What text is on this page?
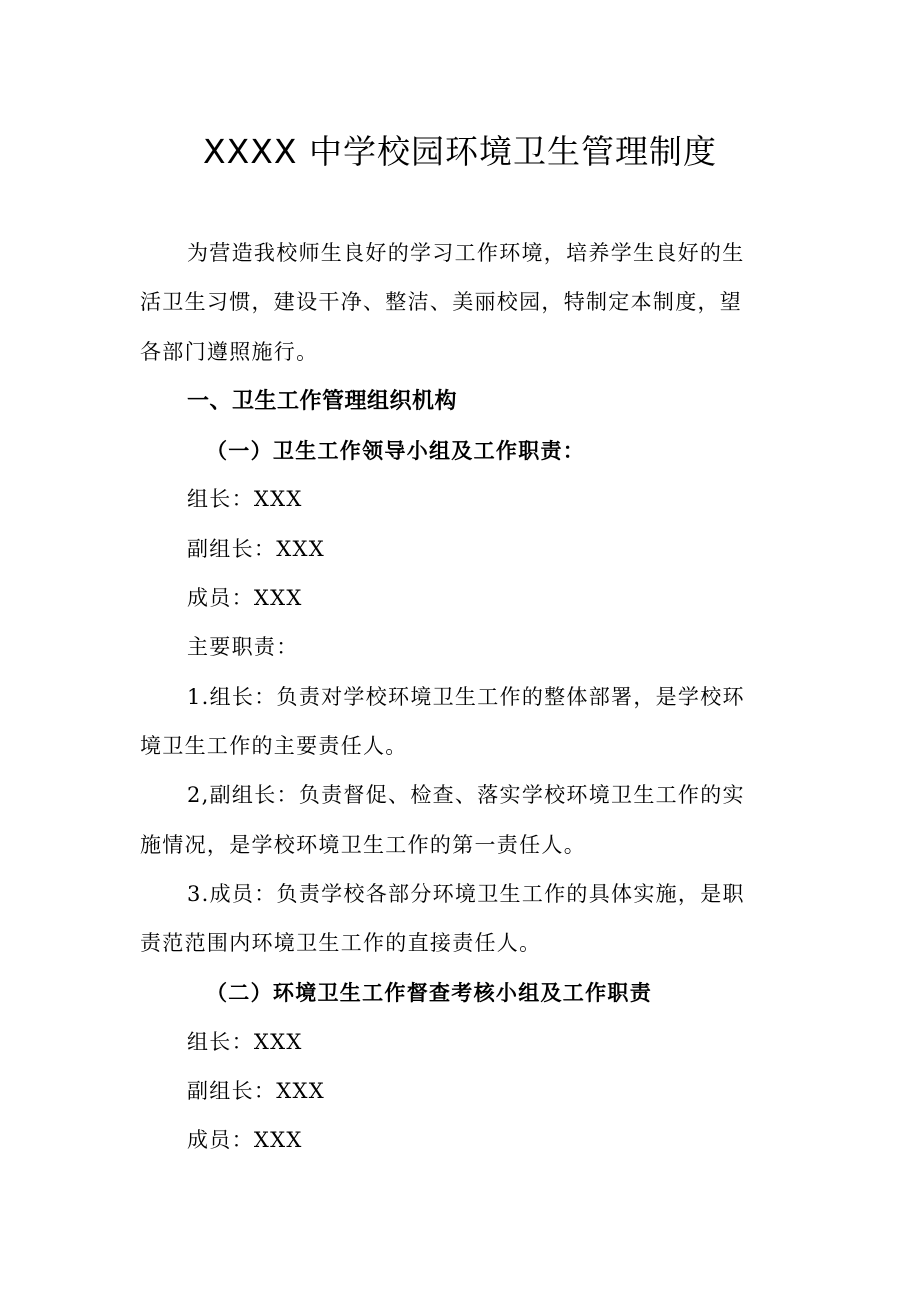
XXXX 中学校园环境卫生管理制度

为营造我校师生良好的学习工作环境，培养学生良好的生

活卫生习惯，建设干净、整洁、美丽校园，特制定本制度，望

各部门遵照施行。

一、卫生工作管理组织机构

（一）卫生工作领导小组及工作职责：

组长：XXX

副组长：XXX

成员：XXX

主要职责：

1.组长：负责对学校环境卫生工作的整体部署，是学校环

境卫生工作的主要责任人。

2,副组长：负责督促、检查、落实学校环境卫生工作的实

施情况，是学校环境卫生工作的第一责任人。

3.成员：负责学校各部分环境卫生工作的具体实施，是职

责范范围内环境卫生工作的直接责任人。

（二）环境卫生工作督查考核小组及工作职责

组长：XXX

副组长：XXX

成员：XXX
